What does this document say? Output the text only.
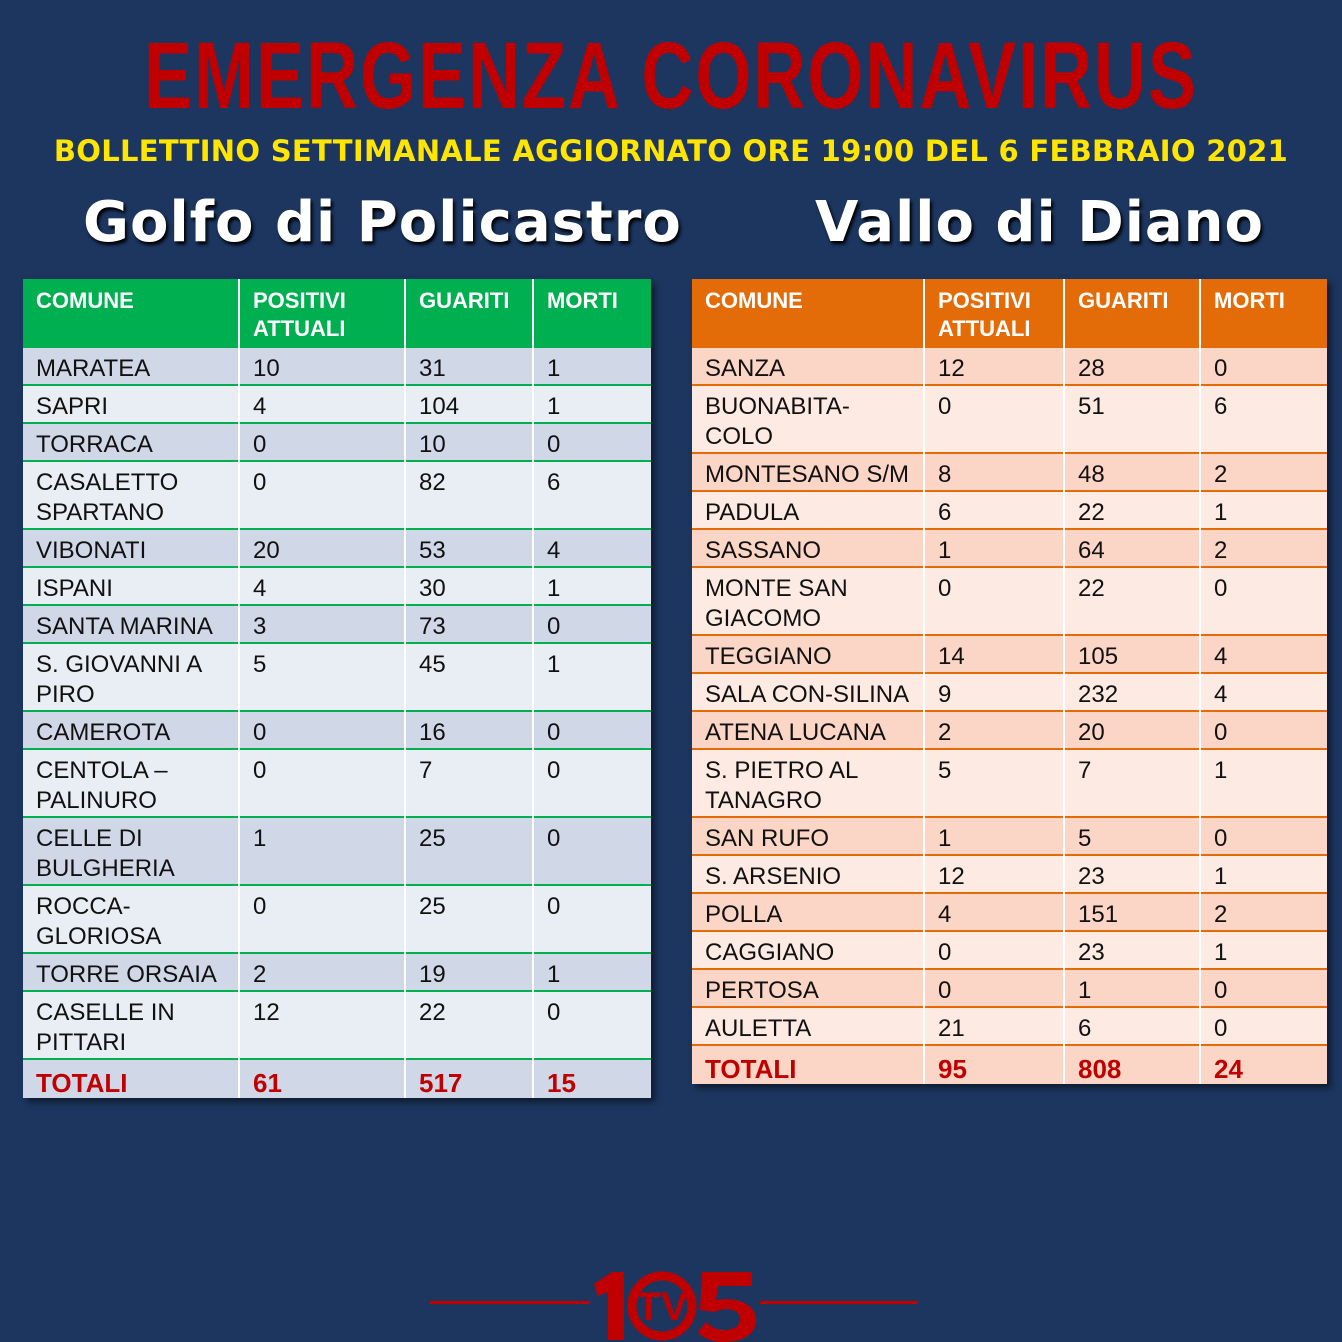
EMERGENZA CORONAVIRUS
BOLLETTINO SETTIMANALE AGGIORNATO ORE 19:00 DEL 6 FEBBRAIO 2021
Golfo di Policastro Vallo di Diano
COMUNE	POSITIVI ATTUALI	GUARITI	MORTI
MARATEA	10	31	1
SAPRI	4	104	1
TORRACA	0	10	0
CASALETTO SPARTANO	0	82	6
VIBONATI	20	53	4
ISPANI	4	30	1
SANTA MARINA	3	73	0
S. GIOVANNI A PIRO	5	45	1
CAMEROTA	0	16	0
CENTOLA – PALINURO	0	7	0
CELLE DI BULGHERIA	1	25	0
ROCCA-GLORIOSA	0	25	0
TORRE ORSAIA	2	19	1
CASELLE IN PITTARI	12	22	0
TOTALI	61	517	15
COMUNE	POSITIVI ATTUALI	GUARITI	MORTI
SANZA	12	28	0
BUONABITA-COLO	0	51	6
MONTESANO S/M	8	48	2
PADULA	6	22	1
SASSANO	1	64	2
MONTE SAN GIACOMO	0	22	0
TEGGIANO	14	105	4
SALA CON-SILINA	9	232	4
ATENA LUCANA	2	20	0
S. PIETRO AL TANAGRO	5	7	1
SAN RUFO	1	5	0
S. ARSENIO	12	23	1
POLLA	4	151	2
CAGGIANO	0	23	1
PERTOSA	0	1	0
AULETTA	21	6	0
TOTALI	95	808	24
TV
